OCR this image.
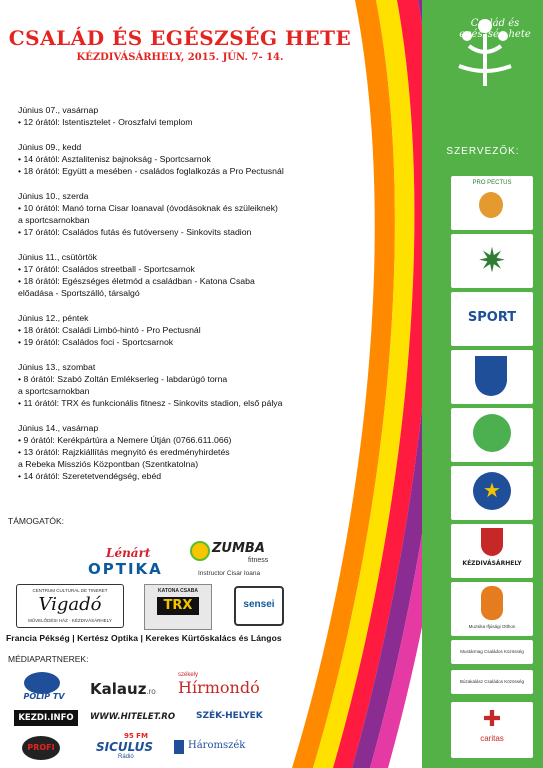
CSALÁD ÉS EGÉSZSÉG HETE
KÉZDIVÁSÁRHELY, 2015. JÚN. 7- 14.
Június 07., vasárnap
• 12 órától: Istentisztelet - Oroszfalvi templom
Június 09., kedd
• 14 órától: Asztalitenisz bajnokság - Sportcsarnok
• 18 órától: Együtt a mesében - családos foglalkozás a Pro Pectusnál
Június 10., szerda
• 10 órától: Manó torna Cisar Ioanaval (óvodásoknak és szüleiknek)
a sportcsarnokban
• 17 órától: Családos futás és futóverseny - Sinkovits stadion
Június 11., csütörtök
• 17 órától: Családos streetball - Sportcsarnok
• 18 órától: Egészséges életmód a családban - Katona Csaba
előadása - Sportszálló, társalgó
Június 12., péntek
• 18 órától: Családi Limbó-hintó - Pro Pectusnál
• 19 órától: Családos foci - Sportcsarnok
Június 13., szombat
• 8 órától: Szabó Zoltán Emlékserleg - labdarúgó torna
a sportcsarnokban
• 11 órától: TRX és funkcionális fitnesz - Sinkovits stadion, első pálya
Június 14., vasárnap
• 9 órától: Kerékpártúra a Nemere Útján (0766.611.066)
• 13 órától: Rajzkiállítás megnyitó és eredményhirdetés
a Rebeka Missziós Központban (Szentkatolna)
• 14 órától: Szeretetvendégség, ebéd
TÁMOGATÓK:
Lénárt
OPTIKA
ZUMBA
fitness
Instructor Cisar Ioana
CENTRUM CULTURAL DE TINERET
Vigadó
MŰVELŐDÉSI HÁZ - KÉZDIVÁSÁRHELY
KATONA CSABA
TRX	sensei
Francia Pékség | Kertész Optika | Kerekes Kürtőskalács és Lángos
MÉDIAPARTNEREK:
POLIP TV	Kalauz.ro
székely
Hírmondó
KEZDI.INFO	WWW.HITELET.RO SZÉK-HELYEK
PROFI
95 FM
SICULUS
Rádió
Háromszék
Család és egészség hete
SZERVEZŐK:
PRO PECTUS
✷
SPORT
★
KÉZDIVÁSÁRHELY
Muzsika Ifjúsági Otthon
Mustármag Családos Közösség
Búzakalász Családos Közösség
✚
caritas
